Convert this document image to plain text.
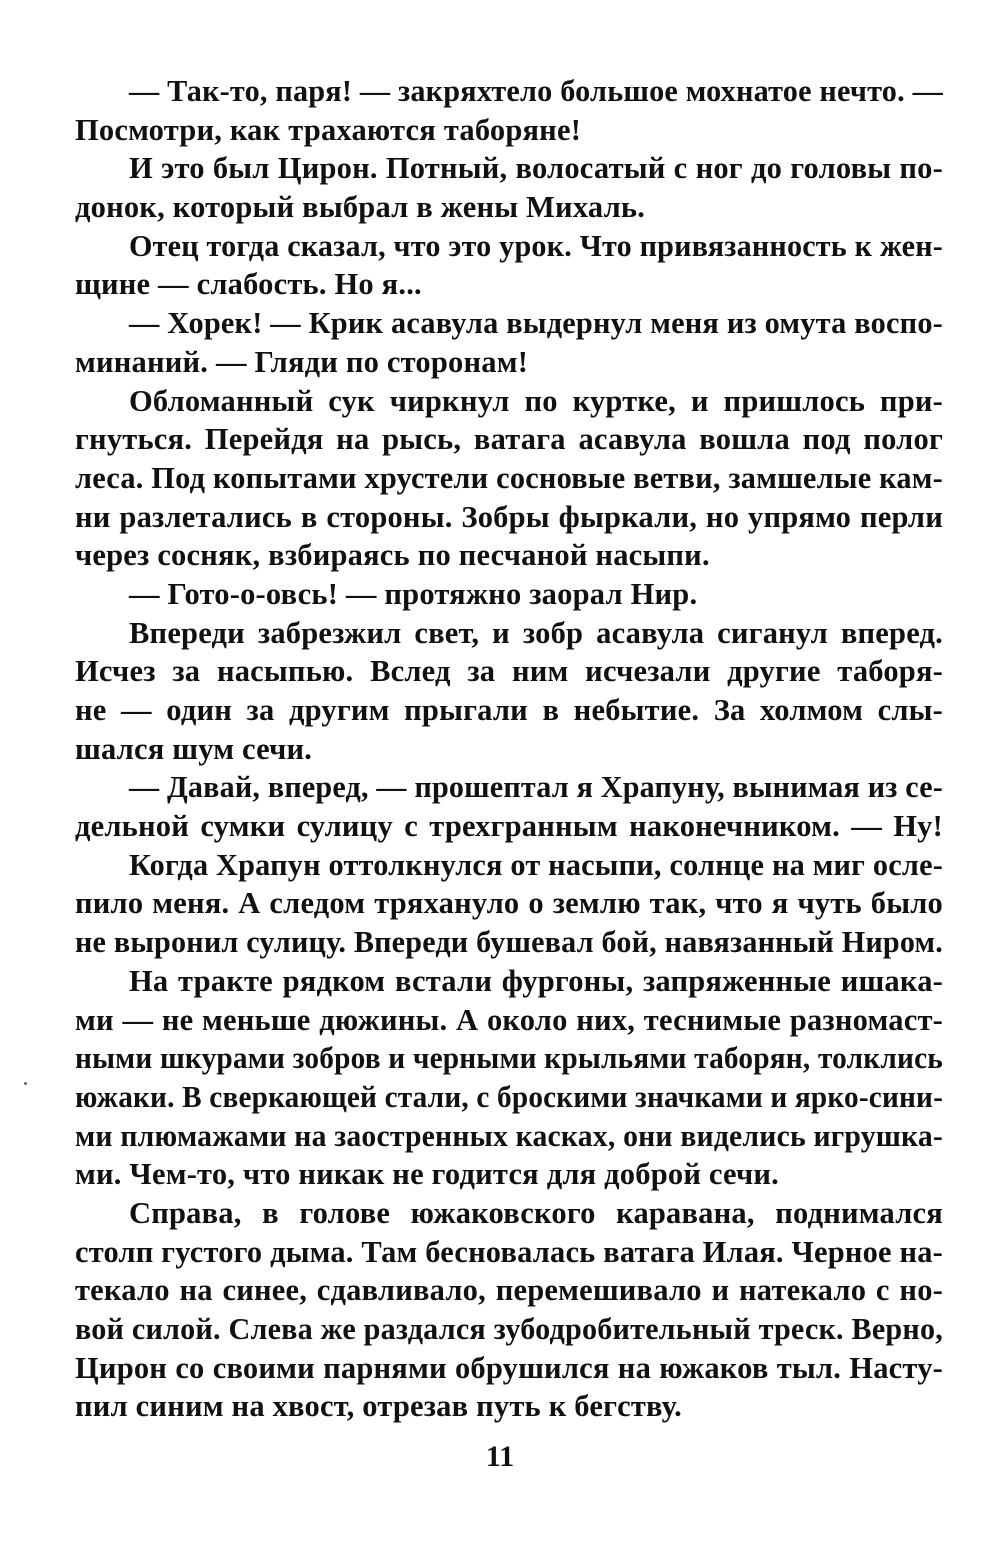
— Так-то, паря! — закряхтело большое мохнатое нечто. —
Посмотри, как трахаются таборяне!
И это был Цирон. Потный, волосатый с ног до головы по-
донок, который выбрал в жены Михаль.
Отец тогда сказал, что это урок. Что привязанность к жен-
щине — слабость. Но я...
— Хорек! — Крик асавула выдернул меня из омута воспо-
минаний. — Гляди по сторонам!
Обломанный сук чиркнул по куртке, и пришлось при-
гнуться. Перейдя на рысь, ватага асавула вошла под полог
леса. Под копытами хрустели сосновые ветви, замшелые кам-
ни разлетались в стороны. Зобры фыркали, но упрямо перли
через сосняк, взбираясь по песчаной насыпи.
— Гото-о-овсь! — протяжно заорал Нир.
Впереди забрезжил свет, и зобр асавула сиганул вперед.
Исчез за насыпью. Вслед за ним исчезали другие таборя-
не — один за другим прыгали в небытие. За холмом слы-
шался шум сечи.
— Давай, вперед, — прошептал я Храпуну, вынимая из се-
дельной сумки сулицу с трехгранным наконечником. — Ну!
Когда Храпун оттолкнулся от насыпи, солнце на миг осле-
пило меня. А следом тряхануло о землю так, что я чуть было
не выронил сулицу. Впереди бушевал бой, навязанный Ниром.
На тракте рядком встали фургоны, запряженные ишака-
ми — не меньше дюжины. А около них, теснимые разномаст-
ными шкурами зобров и черными крыльями таборян, толклись
южаки. В сверкающей стали, с броскими значками и ярко-сини-
ми плюмажами на заостренных касках, они виделись игрушка-
ми. Чем-то, что никак не годится для доброй сечи.
Справа, в голове южаковского каравана, поднимался
столп густого дыма. Там бесновалась ватага Илая. Черное на-
текало на синее, сдавливало, перемешивало и натекало с но-
вой силой. Слева же раздался зубодробительный треск. Верно,
Цирон со своими парнями обрушился на южаков тыл. Насту-
пил синим на хвост, отрезав путь к бегству.
11
